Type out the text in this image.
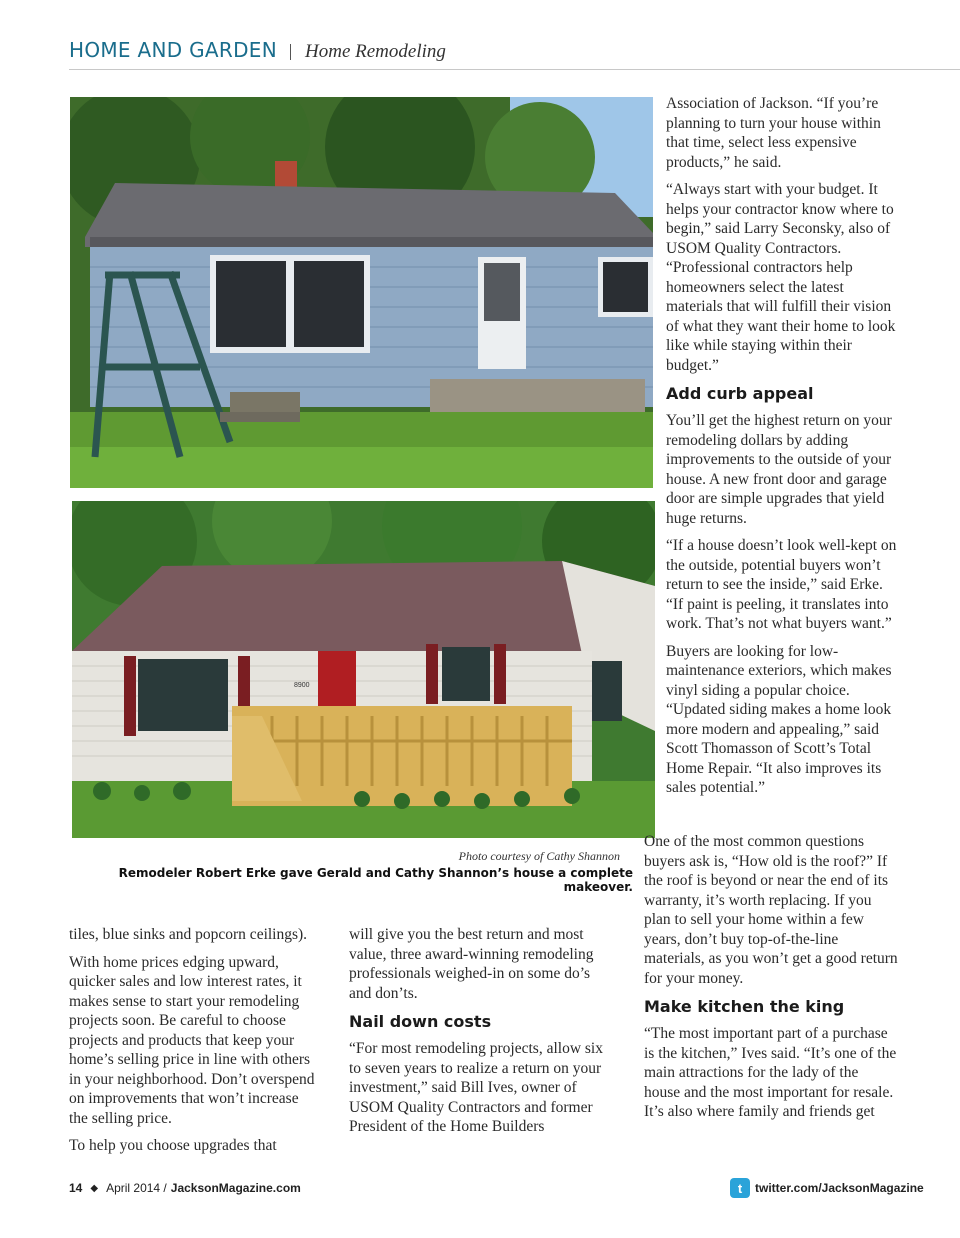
HOME AND GARDEN Home Remodeling
8900
Photo courtesy of Cathy Shannon
Remodeler Robert Erke gave Gerald and Cathy Shannon’s house a complete makeover.

tiles, blue sinks and popcorn ceilings).

With home prices edging upward, quicker sales and low interest rates, it makes sense to start your remodeling projects soon. Be careful to choose projects and products that keep your home’s selling price in line with others in your neighborhood. Don’t overspend on improvements that won’t increase the selling price.

To help you choose upgrades that

will give you the best return and most value, three award-winning remodeling professionals weighed-in on some do’s and don’ts.

Nail down costs

“For most remodeling projects, allow six to seven years to realize a return on your investment,” said Bill Ives, owner of USOM Quality Contractors and former President of the Home Builders

Association of Jackson. “If you’re planning to turn your house within that time, select less expensive products,” he said.

“Always start with your budget. It helps your contractor know where to begin,” said Larry Seconsky, also of USOM Quality Contractors. “Professional contractors help homeowners select the latest materials that will fulfill their vision of what they want their home to look like while staying within their budget.”

Add curb appeal

You’ll get the highest return on your remodeling dollars by adding improvements to the outside of your house. A new front door and garage door are simple upgrades that yield huge returns.

“If a house doesn’t look well-kept on the outside, potential buyers won’t return to see the inside,” said Erke. “If paint is peeling, it translates into work. That’s not what buyers want.”

Buyers are looking for low-maintenance exteriors, which makes vinyl siding a popular choice. “Updated siding makes a home look more modern and appealing,” said Scott Thomasson of Scott’s Total Home Repair. “It also improves its sales potential.”

One of the most common questions buyers ask is, “How old is the roof?” If the roof is beyond or near the end of its warranty, it’s worth replacing. If you plan to sell your home within a few years, don’t buy top-of-the-line materials, as you won’t get a good return for your money.

Make kitchen the king

“The most important part of a purchase is the kitchen,” Ives said. “It’s one of the main attractions for the lady of the house and the most important for resale. It’s also where family and friends get

14 ◆ April 2014 / JacksonMagazine.com	t	twitter.com/JacksonMagazine
